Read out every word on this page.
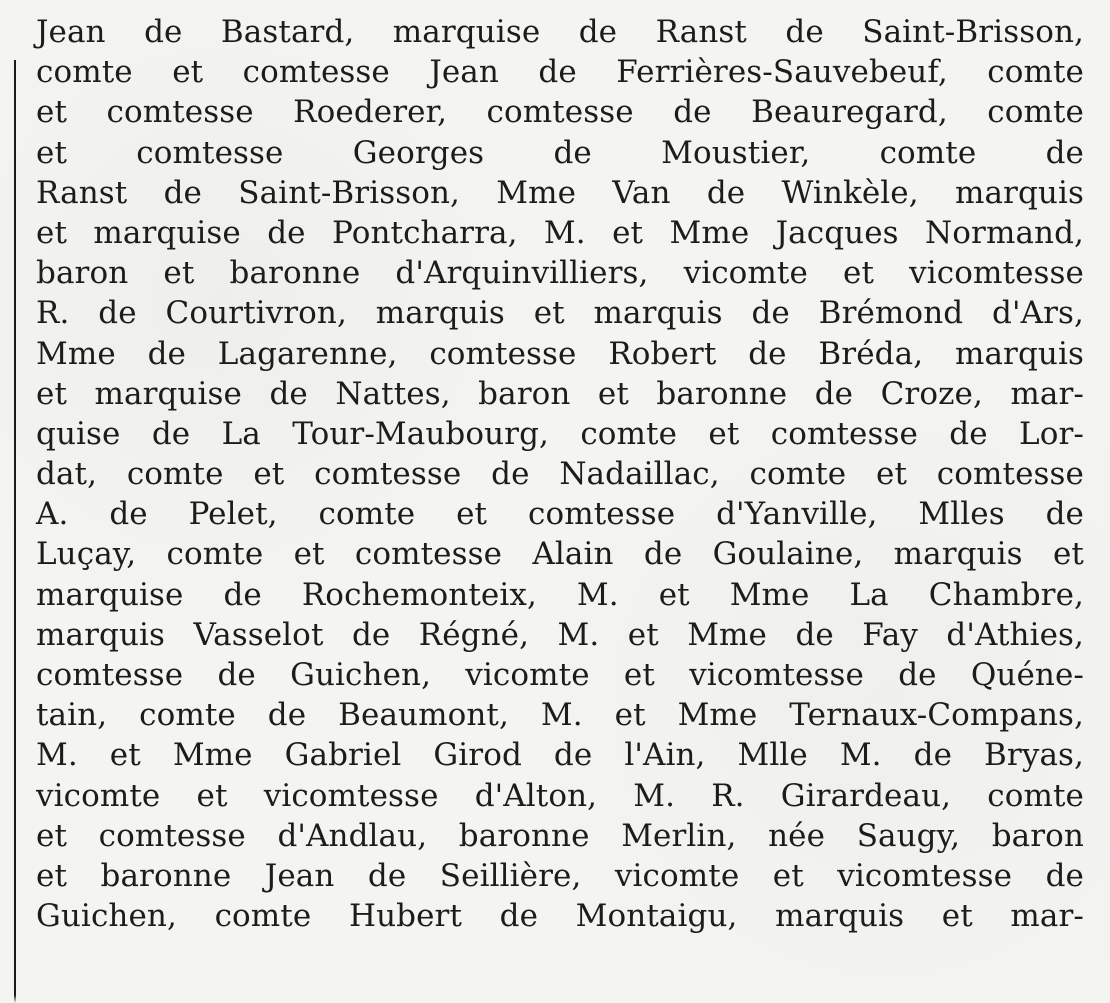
Jean de Bastard, marquise de Ranst de Saint-Brisson,
comte et comtesse Jean de Ferrières-Sauvebeuf, comte
et comtesse Roederer, comtesse de Beauregard, comte
et comtesse Georges de Moustier, comte de
Ranst de Saint-Brisson, Mme Van de Winkèle, marquis
et marquise de Pontcharra, M. et Mme Jacques Normand,
baron et baronne d'Arquinvilliers, vicomte et vicomtesse
R. de Courtivron, marquis et marquis de Brémond d'Ars,
Mme de Lagarenne, comtesse Robert de Bréda, marquis
et marquise de Nattes, baron et baronne de Croze, mar-
quise de La Tour-Maubourg, comte et comtesse de Lor-
dat, comte et comtesse de Nadaillac, comte et comtesse
A. de Pelet, comte et comtesse d'Yanville, Mlles de
Luçay, comte et comtesse Alain de Goulaine, marquis et
marquise de Rochemonteix, M. et Mme La Chambre,
marquis Vasselot de Régné, M. et Mme de Fay d'Athies,
comtesse de Guichen, vicomte et vicomtesse de Quéne-
tain, comte de Beaumont, M. et Mme Ternaux-Compans,
M. et Mme Gabriel Girod de l'Ain, Mlle M. de Bryas,
vicomte et vicomtesse d'Alton, M. R. Girardeau, comte
et comtesse d'Andlau, baronne Merlin, née Saugy, baron
et baronne Jean de Seillière, vicomte et vicomtesse de
Guichen, comte Hubert de Montaigu, marquis et mar-
